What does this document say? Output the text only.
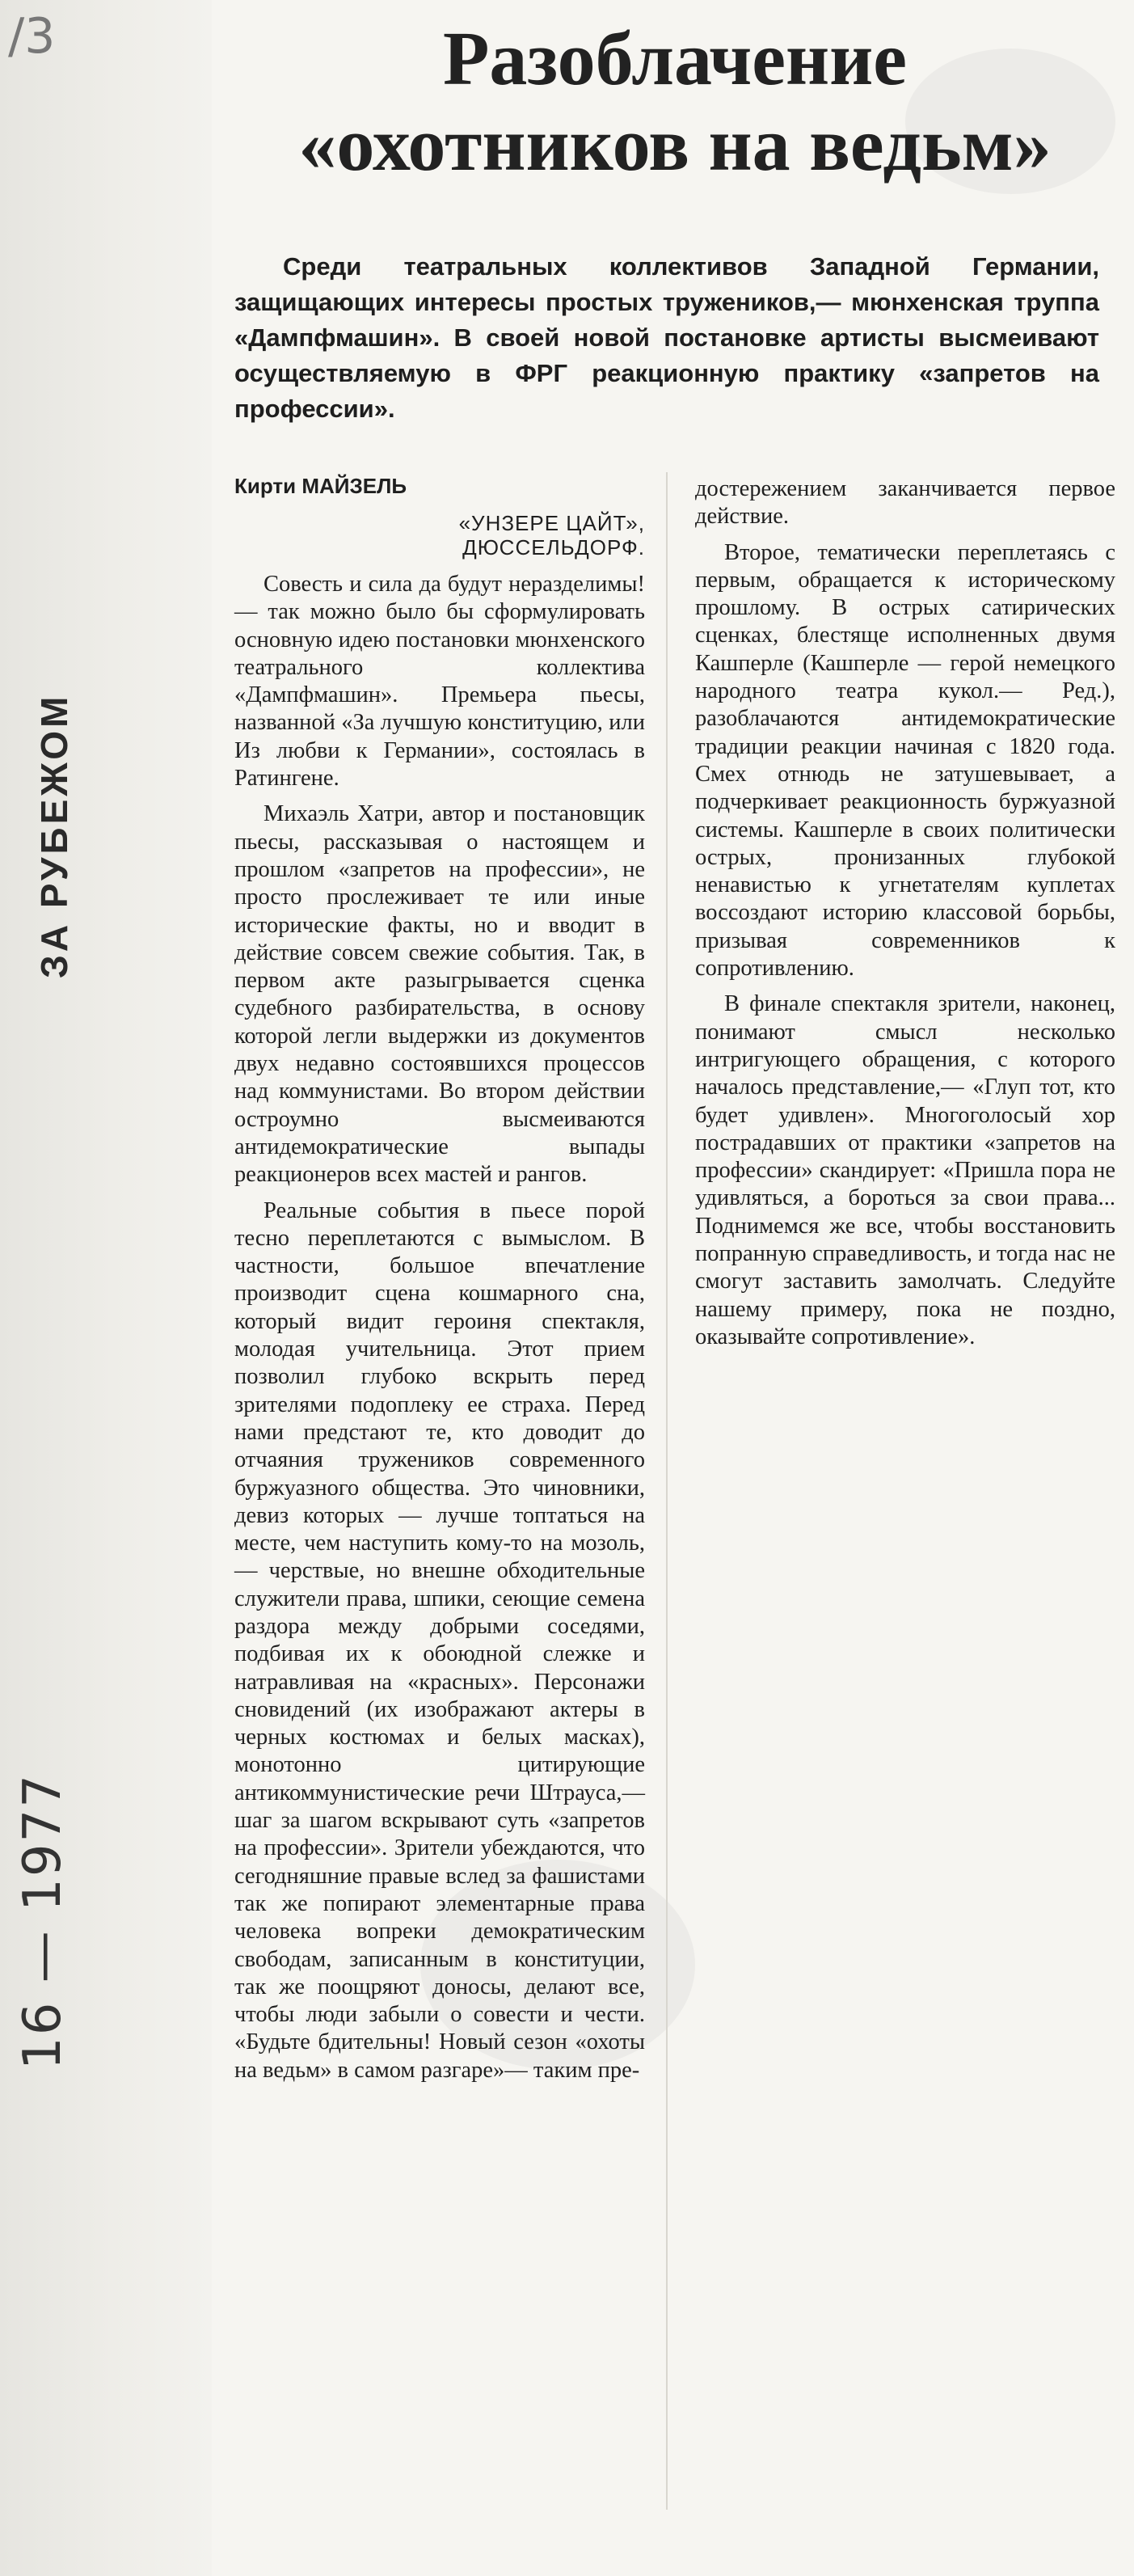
/3
ЗА РУБЕЖОМ
16 — 1977
Разоблачение
«охотников на ведьм»
Среди театральных коллективов Западной Германии, защищающих интересы простых тружеников,— мюнхенская труппа «Дампфмашин». В своей новой постановке артисты высмеивают осуществляемую в ФРГ реакционную практику «запретов на профессии».

Кирти МАЙЗЕЛЬ

«УНЗЕРЕ ЦАЙТ»,
ДЮССЕЛЬДОРФ.

Совесть и сила да будут неразделимы!— так можно было бы сформулировать основную идею постановки мюнхенского театрального коллектива «Дампфмашин». Премьера пьесы, названной «За лучшую конституцию, или Из любви к Германии», состоялась в Ратингене.

Михаэль Хатри, автор и постановщик пьесы, рассказывая о настоящем и прошлом «запретов на профессии», не просто прослеживает те или иные исторические факты, но и вводит в действие совсем свежие события. Так, в первом акте разыгрывается сценка судебного разбирательства, в основу которой легли выдержки из документов двух недавно состоявшихся процессов над коммунистами. Во втором действии остроумно высмеиваются антидемократические выпады реакционеров всех мастей и рангов.

Реальные события в пьесе порой тесно переплетаются с вымыслом. В частности, большое впечатление производит сцена кошмарного сна, который видит героиня спектакля, молодая учительница. Этот прием позволил глубоко вскрыть перед зрителями подоплеку ее страха. Перед нами предстают те, кто доводит до отчаяния тружеников современного буржуазного общества. Это чиновники, девиз которых — лучше топтаться на месте, чем наступить кому-то на мозоль,— черствые, но внешне обходительные служители права, шпики, сеющие семена раздора между добрыми соседями, подбивая их к обоюдной слежке и натравливая на «красных». Персонажи сновидений (их изображают актеры в черных костюмах и белых масках), монотонно цитирующие антикоммунистические речи Штрауса,—шаг за шагом вскрывают суть «запретов на профессии». Зрители убеждаются, что сегодняшние правые вслед за фашистами так же попирают элементарные права человека вопреки демократическим свободам, записанным в конституции, так же поощряют доносы, делают все, чтобы люди забыли о совести и чести. «Будьте бдительны! Новый сезон «охоты на ведьм» в самом разгаре»— таким пре-

достережением заканчивается первое действие.

Второе, тематически переплетаясь с первым, обращается к историческому прошлому. В острых сатирических сценках, блестяще исполненных двумя Кашперле (Кашперле — герой немецкого народного театра кукол.— Ред.), разоблачаются антидемократические традиции реакции начиная с 1820 года. Смех отнюдь не затушевывает, а подчеркивает реакционность буржуазной системы. Кашперле в своих политически острых, пронизанных глубокой ненавистью к угнетателям куплетах воссоздают историю классовой борьбы, призывая современников к сопротивлению.

В финале спектакля зрители, наконец, понимают смысл несколько интригующего обращения, с которого началось представление,— «Глуп тот, кто будет удивлен». Многоголосый хор пострадавших от практики «запретов на профессии» скандирует: «Пришла пора не удивляться, а бороться за свои права... Поднимемся же все, чтобы восстановить попранную справедливость, и тогда нас не смогут заставить замолчать. Следуйте нашему примеру, пока не поздно, оказывайте сопротивление».
